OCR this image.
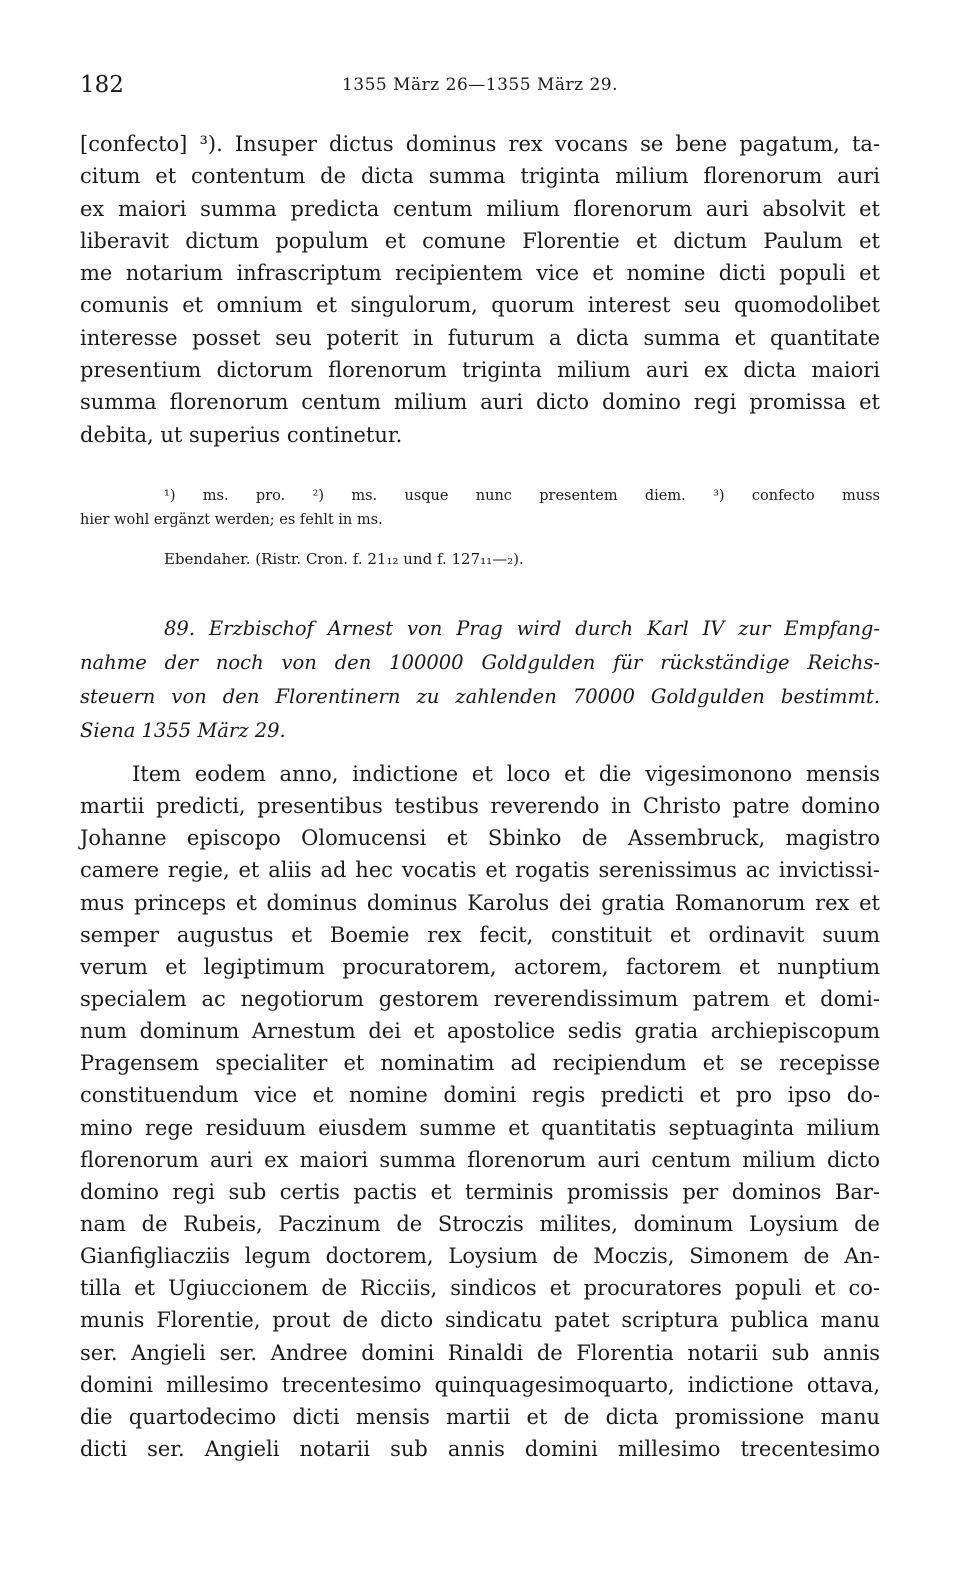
182	1355 März 26—1355 März 29.
[confecto] ³). Insuper dictus dominus rex vocans se bene pagatum, ta-
citum et contentum de dicta summa triginta milium florenorum auri
ex maiori summa predicta centum milium florenorum auri absolvit et
liberavit dictum populum et comune Florentie et dictum Paulum et
me notarium infrascriptum recipientem vice et nomine dicti populi et
comunis et omnium et singulorum, quorum interest seu quomodolibet
interesse posset seu poterit in futurum a dicta summa et quantitate
presentium dictorum florenorum triginta milium auri ex dicta maiori
summa florenorum centum milium auri dicto domino regi promissa et
debita, ut superius continetur.
¹) ms. pro. ²) ms. usque nunc presentem diem. ³) confecto muss
hier wohl ergänzt werden; es fehlt in ms.
Ebendaher. (Ristr. Cron. f. 21₁₂ und f. 127₁₁—₂).
89. Erzbischof Arnest von Prag wird durch Karl IV zur Empfang-
nahme der noch von den 100000 Goldgulden für rückständige Reichs-
steuern von den Florentinern zu zahlenden 70000 Goldgulden bestimmt.
Siena 1355 März 29.
Item eodem anno, indictione et loco et die vigesimonono mensis
martii predicti, presentibus testibus reverendo in Christo patre domino
Johanne episcopo Olomucensi et Sbinko de Assembruck, magistro
camere regie, et aliis ad hec vocatis et rogatis serenissimus ac invictissi-
mus princeps et dominus dominus Karolus dei gratia Romanorum rex et
semper augustus et Boemie rex fecit, constituit et ordinavit suum
verum et legiptimum procuratorem, actorem, factorem et nunptium
specialem ac negotiorum gestorem reverendissimum patrem et domi-
num dominum Arnestum dei et apostolice sedis gratia archiepiscopum
Pragensem specialiter et nominatim ad recipiendum et se recepisse
constituendum vice et nomine domini regis predicti et pro ipso do-
mino rege residuum eiusdem summe et quantitatis septuaginta milium
florenorum auri ex maiori summa florenorum auri centum milium dicto
domino regi sub certis pactis et terminis promissis per dominos Bar-
nam de Rubeis, Paczinum de Stroczis milites, dominum Loysium de
Gianfigliacziis legum doctorem, Loysium de Moczis, Simonem de An-
tilla et Ugiuccionem de Ricciis, sindicos et procuratores populi et co-
munis Florentie, prout de dicto sindicatu patet scriptura publica manu
ser. Angieli ser. Andree domini Rinaldi de Florentia notarii sub annis
domini millesimo trecentesimo quinquagesimoquarto, indictione ottava,
die quartodecimo dicti mensis martii et de dicta promissione manu
dicti ser. Angieli notarii sub annis domini millesimo trecentesimo
